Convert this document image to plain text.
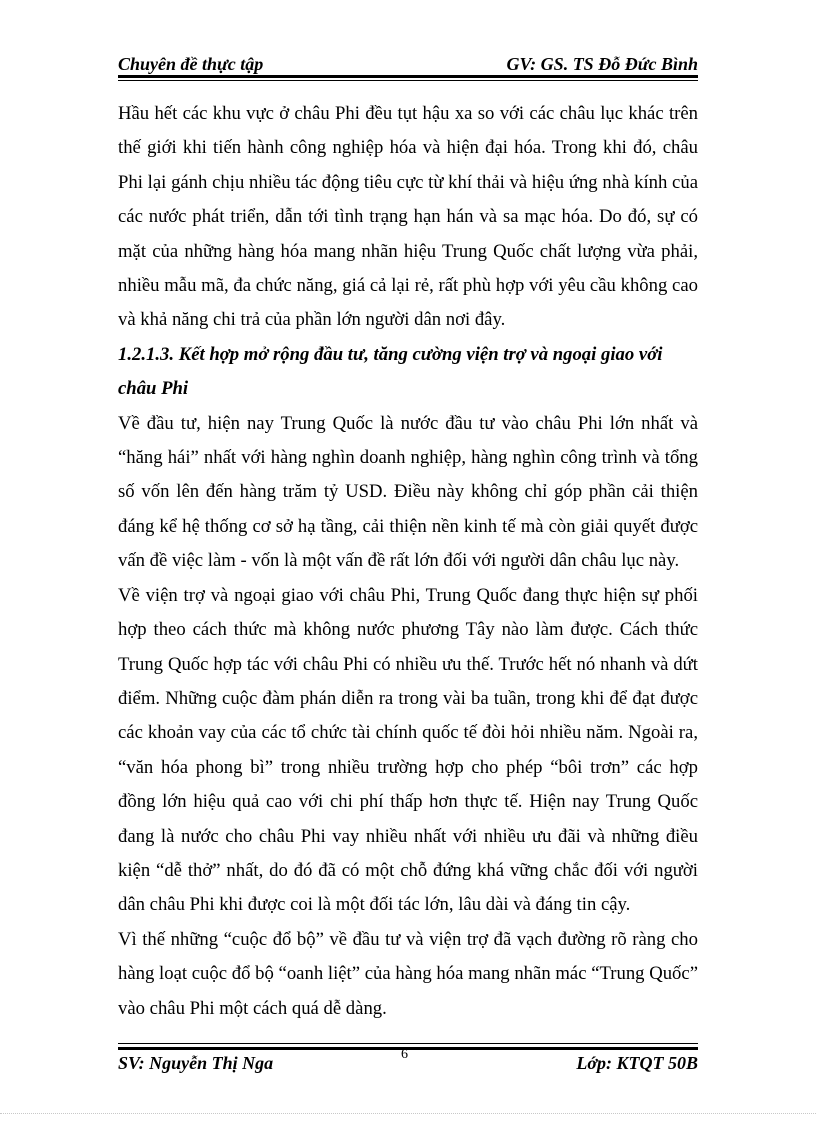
Chuyên đề thực tập	GV: GS. TS Đỗ Đức Bình

Hầu hết các khu vực ở châu Phi đều tụt hậu xa so với các châu lục khác trên thế giới khi tiến hành công nghiệp hóa và hiện đại hóa. Trong khi đó, châu Phi lại gánh chịu nhiều tác động tiêu cực từ khí thải và hiệu ứng nhà kính của các nước phát triển, dẫn tới tình trạng hạn hán và sa mạc hóa. Do đó, sự có mặt của những hàng hóa mang nhãn hiệu Trung Quốc chất lượng vừa phải, nhiều mẫu mã, đa chức năng, giá cả lại rẻ, rất phù hợp với yêu cầu không cao và khả năng chi trả của phần lớn người dân nơi đây.

1.2.1.3. Kết hợp mở rộng đầu tư, tăng cường viện trợ và ngoại giao với châu Phi

Về đầu tư, hiện nay Trung Quốc là nước đầu tư vào châu Phi lớn nhất và “hăng hái” nhất với hàng nghìn doanh nghiệp, hàng nghìn công trình và tổng số vốn lên đến hàng trăm tỷ USD. Điều này không chỉ góp phần cải thiện đáng kể hệ thống cơ sở hạ tầng, cải thiện nền kinh tế mà còn giải quyết được vấn đề việc làm - vốn là một vấn đề rất lớn đối với người dân châu lục này.

Về viện trợ và ngoại giao với châu Phi, Trung Quốc đang thực hiện sự phối hợp theo cách thức mà không nước phương Tây nào làm được. Cách thức Trung Quốc hợp tác với châu Phi có nhiều ưu thế. Trước hết nó nhanh và dứt điểm. Những cuộc đàm phán diễn ra trong vài ba tuần, trong khi để đạt được các khoản vay của các tổ chức tài chính quốc tế đòi hỏi nhiều năm. Ngoài ra, “văn hóa phong bì” trong nhiều trường hợp cho phép “bôi trơn” các hợp đồng lớn hiệu quả cao với chi phí thấp hơn thực tế. Hiện nay Trung Quốc đang là nước cho châu Phi vay nhiều nhất với nhiều ưu đãi và những điều kiện “dễ thở” nhất, do đó đã có một chỗ đứng khá vững chắc đối với người dân châu Phi khi được coi là một đối tác lớn, lâu dài và đáng tin cậy.

Vì thế những “cuộc đổ bộ” về đầu tư và viện trợ đã vạch đường rõ ràng cho hàng loạt cuộc đổ bộ “oanh liệt” của hàng hóa mang nhãn mác “Trung Quốc” vào châu Phi một cách quá dễ dàng.

SV: Nguyễn Thị Nga	6	Lớp: KTQT 50B
